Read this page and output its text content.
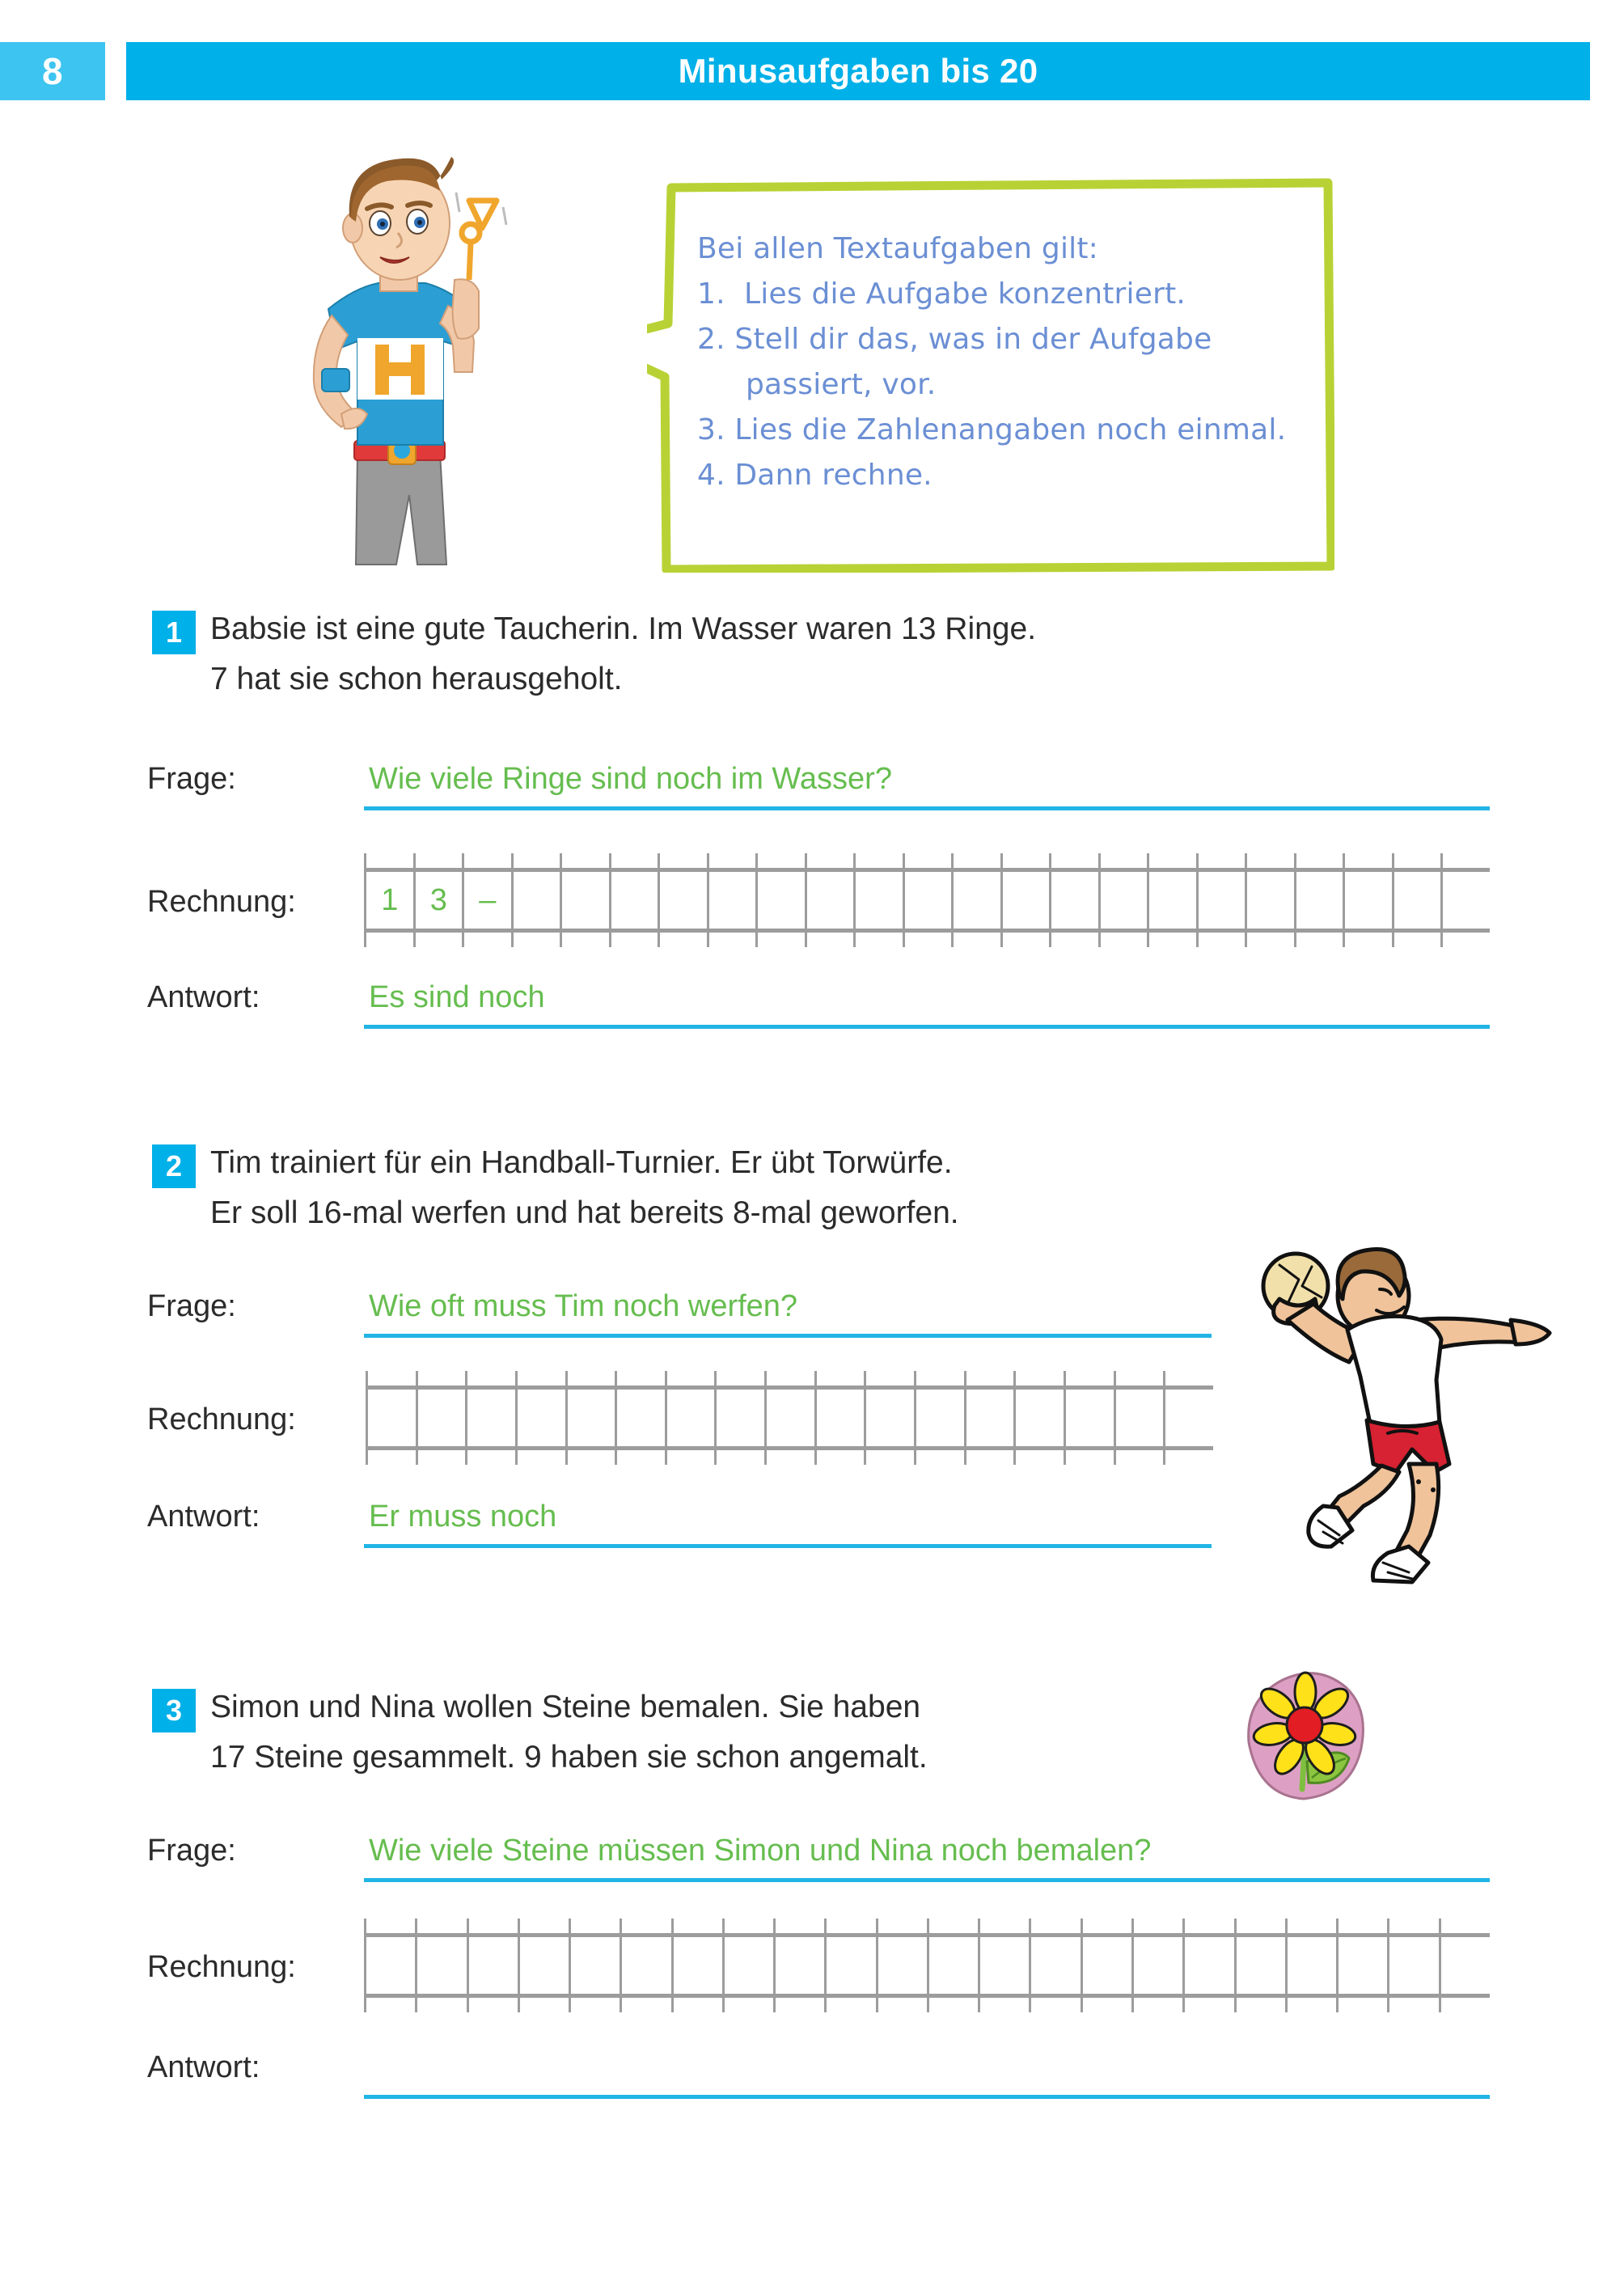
8	Minusaufgaben bis 20
Bei allen Textaufgaben gilt:
1.  Lies die Aufgabe konzentriert.
2. Stell dir das, was in der Aufgabe
passiert, vor.
3. Lies die Zahlenangaben noch einmal.
4. Dann rechne.
1 Babsie ist eine gute Taucherin. Im Wasser waren 13 Ringe.
7 hat sie schon herausgeholt.
Frage:	Wie viele Ringe sind noch im Wasser?
Rechnung:	1	3	–
Antwort:	Es sind noch
2 Tim trainiert für ein Handball-Turnier. Er übt Torwürfe.
Er soll 16-mal werfen und hat bereits 8-mal geworfen.
Frage:	Wie oft muss Tim noch werfen?
Rechnung:
Antwort:	Er muss noch
3 Simon und Nina wollen Steine bemalen. Sie haben
17 Steine gesammelt. 9 haben sie schon angemalt.
Frage:	Wie viele Steine müssen Simon und Nina noch bemalen?
Rechnung:
Antwort:
